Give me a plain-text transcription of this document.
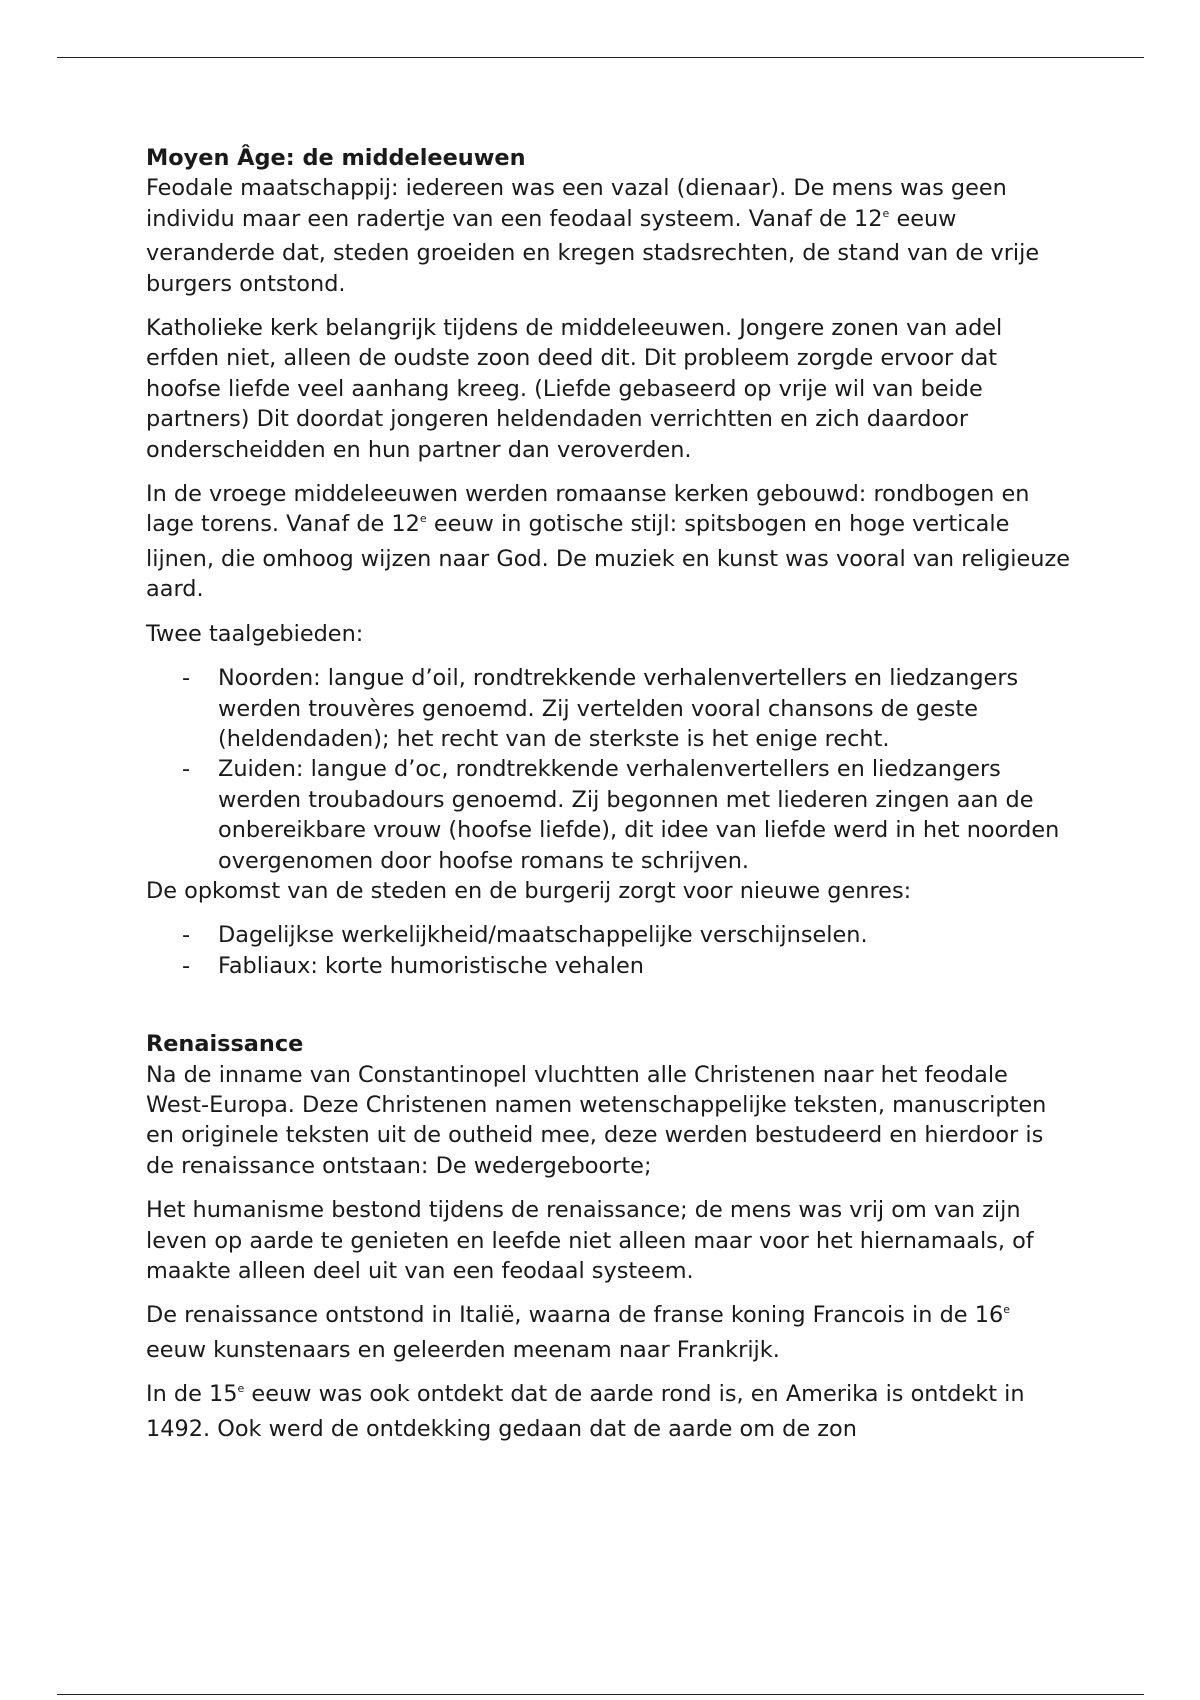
Moyen Âge: de middeleeuwen

Feodale maatschappij: iedereen was een vazal (dienaar). De mens was geen individu maar een radertje van een feodaal systeem. Vanaf de 12e eeuw veranderde dat, steden groeiden en kregen stadsrechten, de stand van de vrije burgers ontstond.

Katholieke kerk belangrijk tijdens de middeleeuwen. Jongere zonen van adel erfden niet, alleen de oudste zoon deed dit. Dit probleem zorgde ervoor dat hoofse liefde veel aanhang kreeg. (Liefde gebaseerd op vrije wil van beide partners) Dit doordat jongeren heldendaden verrichtten en zich daardoor onderscheidden en hun partner dan veroverden.

In de vroege middeleeuwen werden romaanse kerken gebouwd: rondbogen en lage torens. Vanaf de 12e eeuw in gotische stijl: spitsbogen en hoge verticale lijnen, die omhoog wijzen naar God. De muziek en kunst was vooral van religieuze aard.

Twee taalgebieden:

- Noorden: langue d’oil, rondtrekkende verhalenvertellers en liedzangers werden trouvères genoemd. Zij vertelden vooral chansons de geste (heldendaden); het recht van de sterkste is het enige recht.
- Zuiden: langue d’oc, rondtrekkende verhalenvertellers en liedzangers werden troubadours genoemd. Zij begonnen met liederen zingen aan de onbereikbare vrouw (hoofse liefde), dit idee van liefde werd in het noorden overgenomen door hoofse romans te schrijven.

De opkomst van de steden en de burgerij zorgt voor nieuwe genres:

- Dagelijkse werkelijkheid/maatschappelijke verschijnselen.
- Fabliaux: korte humoristische vehalen

Renaissance

Na de inname van Constantinopel vluchtten alle Christenen naar het feodale West-Europa. Deze Christenen namen wetenschappelijke teksten, manuscripten en originele teksten uit de outheid mee, deze werden bestudeerd en hierdoor is de renaissance ontstaan: De wedergeboorte;

Het humanisme bestond tijdens de renaissance; de mens was vrij om van zijn leven op aarde te genieten en leefde niet alleen maar voor het hiernamaals, of maakte alleen deel uit van een feodaal systeem.

De renaissance ontstond in Italië, waarna de franse koning Francois in de 16e eeuw kunstenaars en geleerden meenam naar Frankrijk.

In de 15e eeuw was ook ontdekt dat de aarde rond is, en Amerika is ontdekt in 1492. Ook werd de ontdekking gedaan dat de aarde om de zon
